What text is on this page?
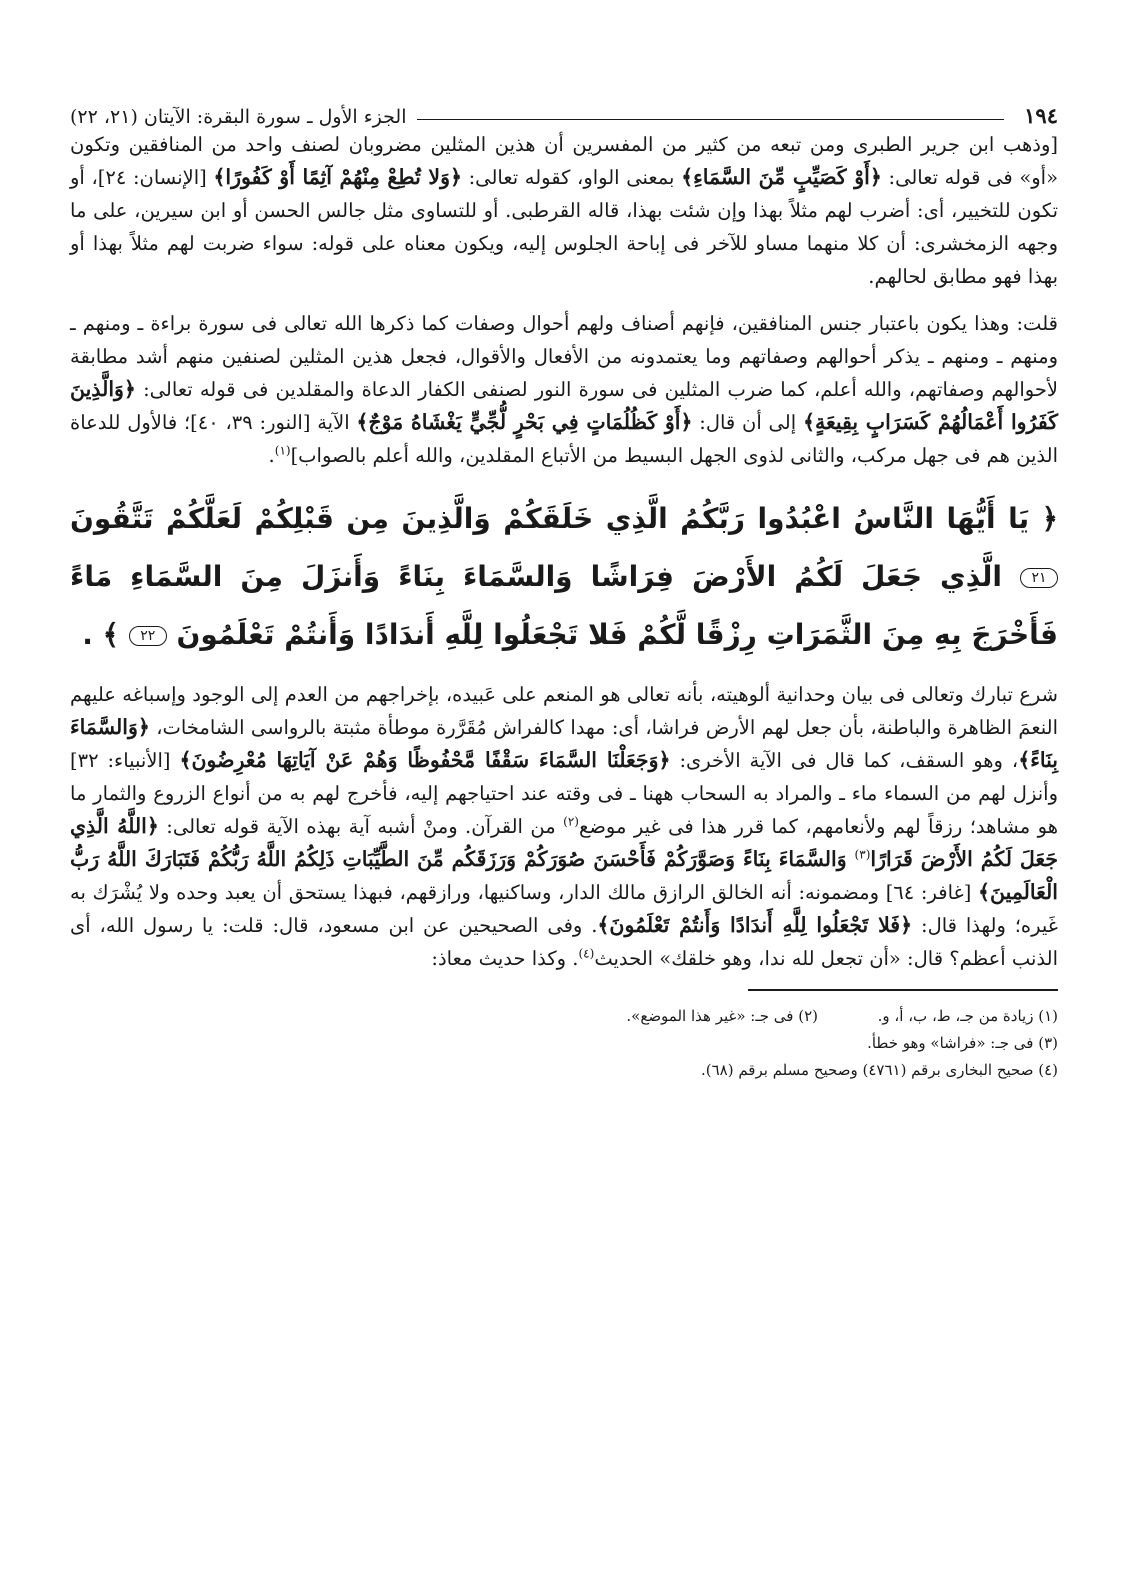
١٩٤
الجزء الأول ـ سورة البقرة: الآيتان (٢١، ٢٢)

[وذهب ابن جرير الطبرى ومن تبعه من كثير من المفسرين أن هذين المثلين مضروبان لصنف واحد من المنافقين وتكون «أو» فى قوله تعالى: ﴿أَوْ كَصَيِّبٍ مِّنَ السَّمَاءِ﴾ بمعنى الواو، كقوله تعالى: ﴿وَلا تُطِعْ مِنْهُمْ آثِمًا أَوْ كَفُورًا﴾ [الإنسان: ٢٤]، أو تكون للتخيير، أى: أضرب لهم مثلاً بهذا وإن شئت بهذا، قاله القرطبى. أو للتساوى مثل جالس الحسن أو ابن سيرين، على ما وجهه الزمخشرى: أن كلا منهما مساو للآخر فى إباحة الجلوس إليه، ويكون معناه على قوله: سواء ضربت لهم مثلاً بهذا أو بهذا فهو مطابق لحالهم.

قلت: وهذا يكون باعتبار جنس المنافقين، فإنهم أصناف ولهم أحوال وصفات كما ذكرها الله تعالى فى سورة براءة ـ ومنهم ـ ومنهم ـ ومنهم ـ يذكر أحوالهم وصفاتهم وما يعتمدونه من الأفعال والأقوال، فجعل هذين المثلين لصنفين منهم أشد مطابقة لأحوالهم وصفاتهم، والله أعلم، كما ضرب المثلين فى سورة النور لصنفى الكفار الدعاة والمقلدين فى قوله تعالى: ﴿وَالَّذِينَ كَفَرُوا أَعْمَالُهُمْ كَسَرَابٍ بِقِيعَةٍ﴾ إلى أن قال: ﴿أَوْ كَظُلُمَاتٍ فِي بَحْرٍ لُّجِّيٍّ يَغْشَاهُ مَوْجٌ﴾ الآية [النور: ٣٩، ٤٠]؛ فالأول للدعاة الذين هم فى جهل مركب، والثانى لذوى الجهل البسيط من الأتباع المقلدين، والله أعلم بالصواب]$^{(١)}$.

﴿ يَا أَيُّهَا النَّاسُ اعْبُدُوا رَبَّكُمُ الَّذِي خَلَقَكُمْ وَالَّذِينَ مِن قَبْلِكُمْ لَعَلَّكُمْ تَتَّقُونَ ٢١ الَّذِي جَعَلَ لَكُمُ الأَرْضَ فِرَاشًا وَالسَّمَاءَ بِنَاءً وَأَنزَلَ مِنَ السَّمَاءِ مَاءً فَأَخْرَجَ بِهِ مِنَ الثَّمَرَاتِ رِزْقًا لَّكُمْ فَلا تَجْعَلُوا لِلَّهِ أَندَادًا وَأَنتُمْ تَعْلَمُونَ ٢٢ ﴾ .

شرع تبارك وتعالى فى بيان وحدانية ألوهيته، بأنه تعالى هو المنعم على عَبيده، بإخراجهم من العدم إلى الوجود وإسباغه عليهم النعمَ الظاهرة والباطنة، بأن جعل لهم الأرض فراشا، أى: مهدا كالفراش مُقَرَّرة موطأة مثبتة بالرواسى الشامخات، ﴿وَالسَّمَاءَ بِنَاءً﴾، وهو السقف، كما قال فى الآية الأخرى: ﴿وَجَعَلْنَا السَّمَاءَ سَقْفًا مَّحْفُوظًا وَهُمْ عَنْ آيَاتِهَا مُعْرِضُونَ﴾ [الأنبياء: ٣٢] وأنزل لهم من السماء ماء ـ والمراد به السحاب ههنا ـ فى وقته عند احتياجهم إليه، فأخرج لهم به من أنواع الزروع والثمار ما هو مشاهد؛ رزقاً لهم ولأنعامهم، كما قرر هذا فى غير موضع$^{(٢)}$ من القرآن. ومنْ أشبه آية بهذه الآية قوله تعالى: ﴿اللَّهُ الَّذِي جَعَلَ لَكُمُ الأَرْضَ قَرَارًا$^{(٣)}$ وَالسَّمَاءَ بِنَاءً وَصَوَّرَكُمْ فَأَحْسَنَ صُوَرَكُمْ وَرَزَقَكُم مِّنَ الطَّيِّبَاتِ ذَلِكُمُ اللَّهُ رَبُّكُمْ فَتَبَارَكَ اللَّهُ رَبُّ الْعَالَمِينَ﴾ [غافر: ٦٤] ومضمونه: أنه الخالق الرازق مالك الدار، وساكنيها، ورازقهم، فبهذا يستحق أن يعبد وحده ولا يُشْرَك به غَيره؛ ولهذا قال: ﴿فَلا تَجْعَلُوا لِلَّهِ أَندَادًا وَأَنتُمْ تَعْلَمُونَ﴾. وفى الصحيحين عن ابن مسعود، قال: قلت: يا رسول الله، أى الذنب أعظم؟ قال: «أن تجعل لله ندا، وهو خلقك» الحديث$^{(٤)}$. وكذا حديث معاذ:

(١) زيادة من جـ، ط، ب، أ، و.
(٢) فى جـ: «غير هذا الموضع».
(٣) فى جـ: «فراشا» وهو خطأ.
(٤) صحيح البخارى برقم (٤٧٦١) وصحيح مسلم برقم (٦٨).
